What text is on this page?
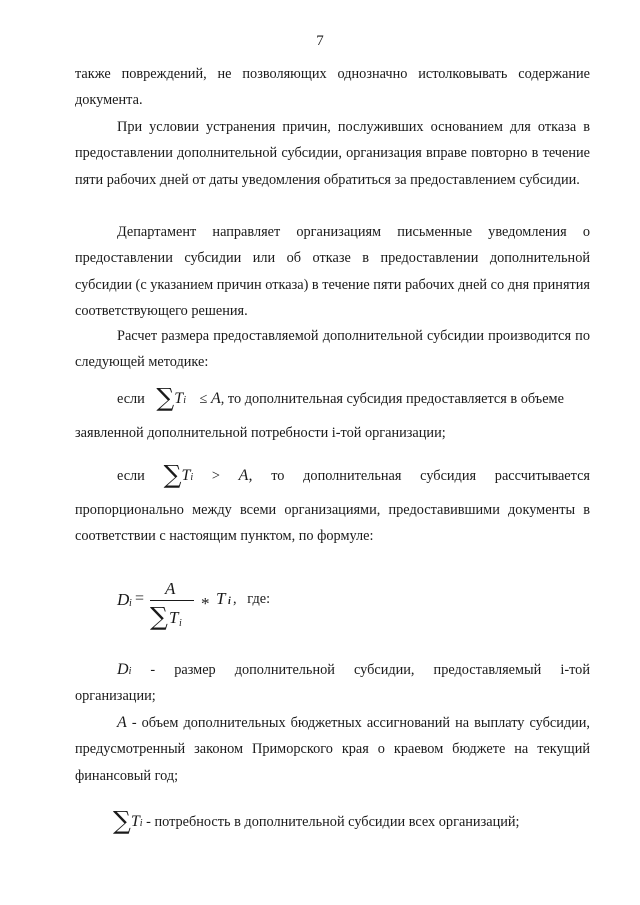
7
также повреждений, не позволяющих однозначно истолковывать содержание
документа.

При условии устранения причин, послуживших основанием для отказа в предоставлении дополнительной субсидии, организация вправе повторно в течение пяти рабочих дней от даты уведомления обратиться за предоставлением субсидии.

Департамент направляет организациям письменные уведомления о предоставлении субсидии или об отказе в предоставлении дополнительной субсидии (с указанием причин отказа) в течение пяти рабочих дней со дня принятия соответствующего решения.

Расчет размера предоставляемой дополнительной субсидии производится по следующей методике:

если ∑Ti ≤ A, то дополнительная субсидия предоставляется в объеме
заявленной дополнительной потребности i-той организации;
если ∑Ti > A, то дополнительная субсидия рассчитывается
пропорционально между всеми организациями, предоставившими документы в
соответствии с настоящим пунктом, по формуле:
D i =
A
∑ T i
* T i ,   где:
Di - размер дополнительной субсидии, предоставляемый i-той
организации;

A - объем дополнительных бюджетных ассигнований на выплату субсидии, предусмотренный законом Приморского края о краевом бюджете на текущий финансовый год;

∑Ti - потребность в дополнительной субсидии всех организаций;
